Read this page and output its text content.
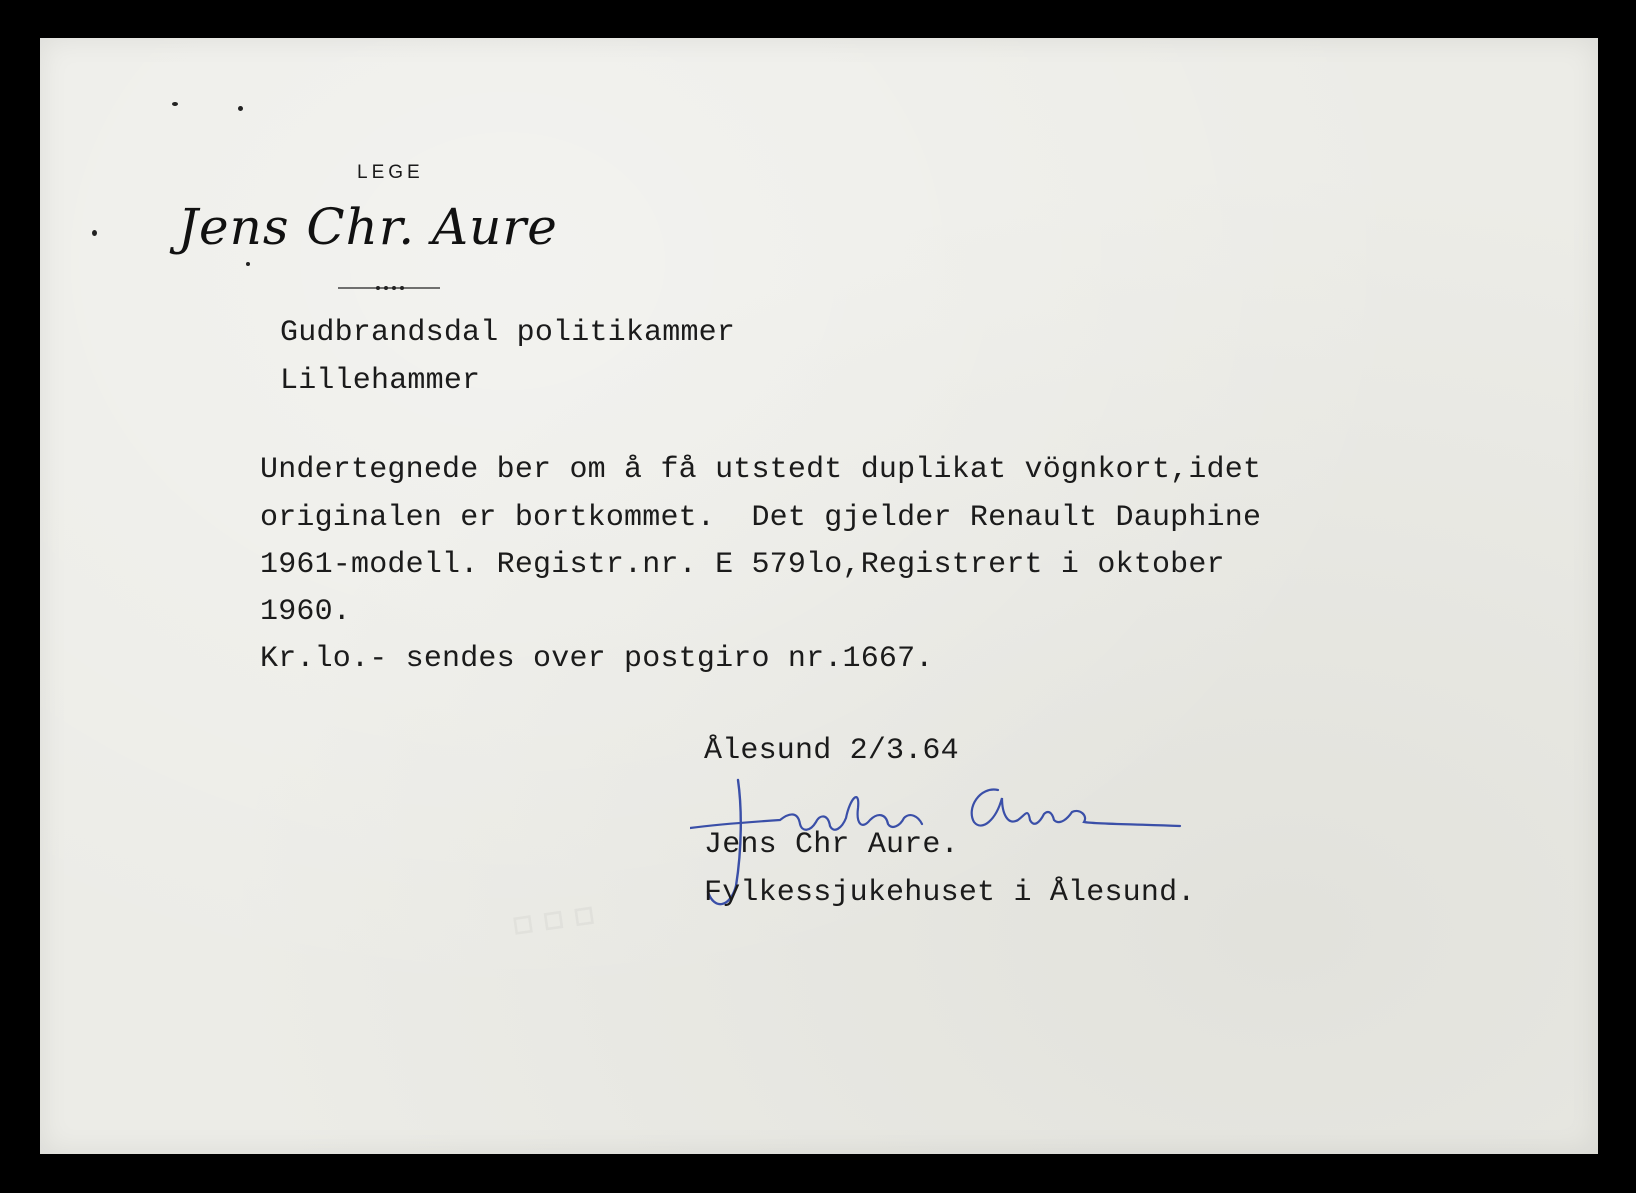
▫▫▫
LEGE
Jens Chr. Aure
Gudbrandsdal politikammer
Lillehammer
Undertegnede ber om å få utstedt duplikat vögnkort,idet
originalen er bortkommet.  Det gjelder Renault Dauphine
1961-modell. Registr.nr. E 579lo,Registrert i oktober
1960.
Kr.lo.- sendes over postgiro nr.1667.
Ålesund 2/3.64
Jens Chr Aure.
Fylkessjukehuset i Ålesund.
